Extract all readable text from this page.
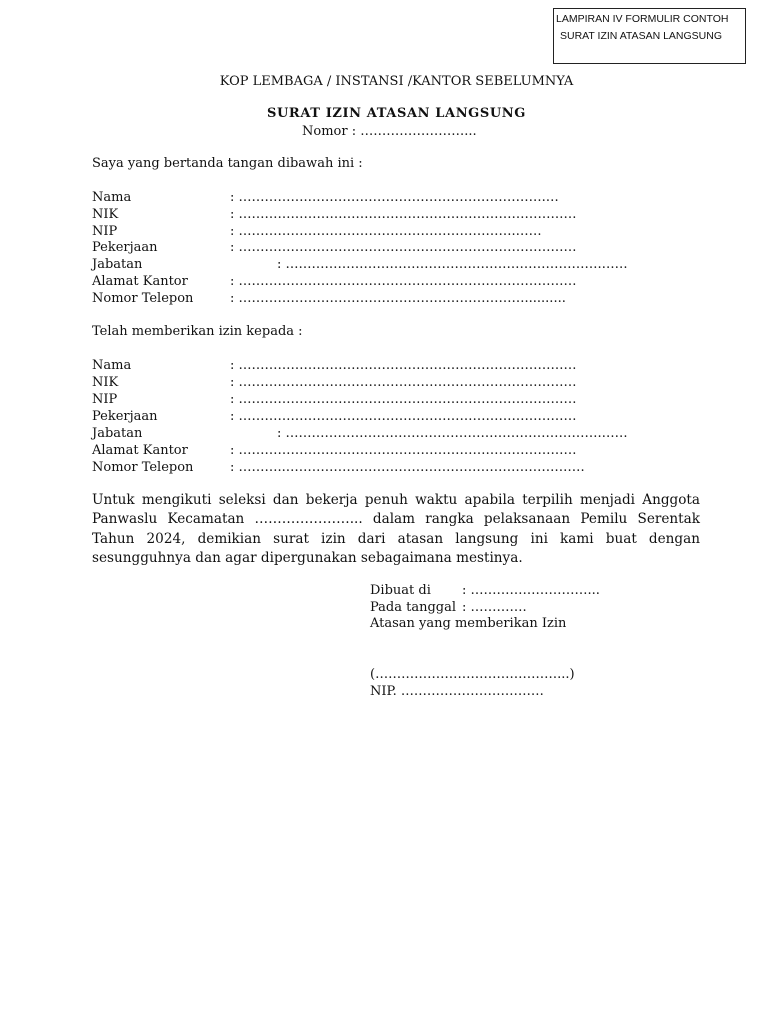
LAMPIRAN IV FORMULIR CONTOH
SURAT IZIN ATASAN LANGSUNG
KOP LEMBAGA / INSTANSI /KANTOR SEBELUMNYA
SURAT IZIN ATASAN LANGSUNG
Nomor : ……………………...
Saya yang bertanda tangan dibawah ini :
Nama	: …………….……………………………………………….…
NIK	: ……………………………………………………………………
NIP	: ……………………………………………………….……
Pekerjaan	: ……………………………………………………………………
Jabatan	: ……………………………………………………………….……
Alamat Kantor	: ……………………………………………………………………
Nomor Telepon	: …………………………………………………………..........
Telah memberikan izin kepada :
Nama	: ……………………………………………………………………
NIK	: ……………………………………………………………………
NIP	: ……………………………………………………………………
Pekerjaan	: ……………………………………………………………………
Jabatan	: ……………………………………………………………….……
Alamat Kantor	: ……………………………………………………………………
Nomor Telepon	: ………..……………………………………………………………
Untuk mengikuti seleksi dan bekerja penuh waktu apabila terpilih menjadi Anggota Panwaslu Kecamatan …………………... dalam rangka pelaksanaan Pemilu Serentak Tahun 2024, demikian surat izin dari atasan langsung ini kami buat dengan sesungguhnya dan agar dipergunakan sebagaimana mestinya.
Dibuat di : ………………………...
Pada tanggal : ………….
Atasan yang memberikan Izin
(……………………………………...)
NIP. ……………………………
